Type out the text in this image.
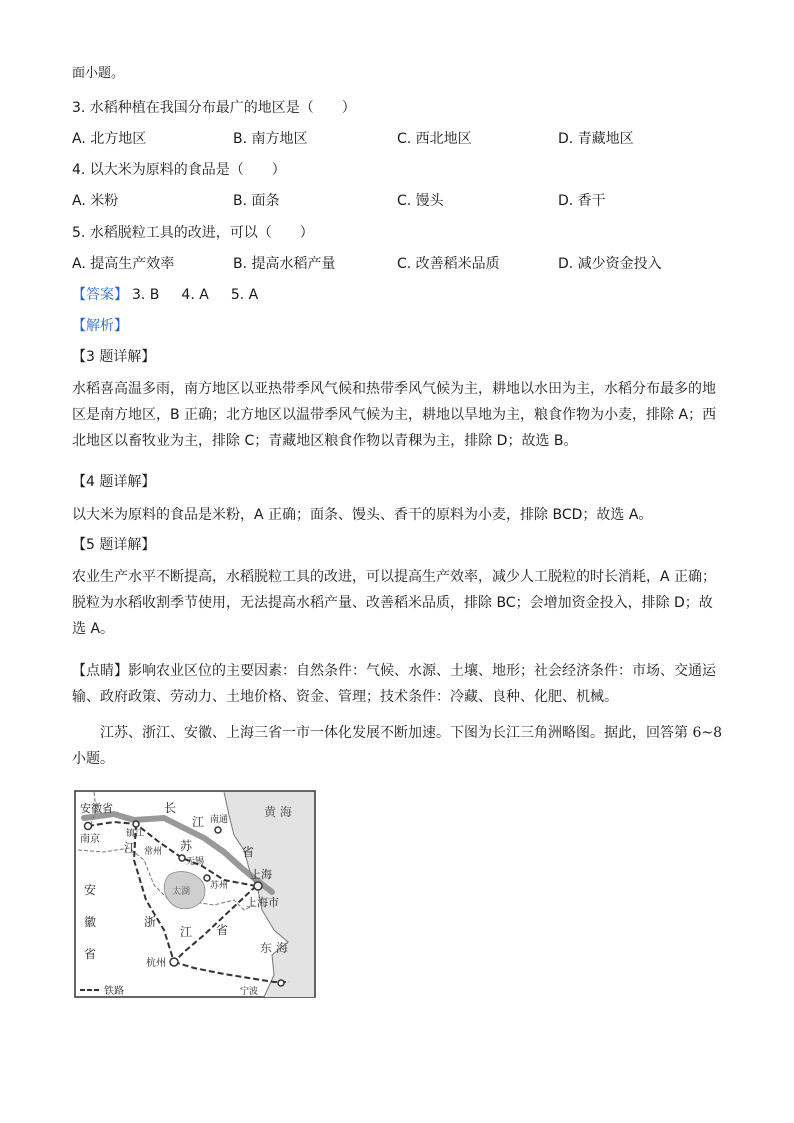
面小题。
3. 水稻种植在我国分布最广的地区是（　　）
A. 北方地区	B. 南方地区	C. 西北地区	D. 青藏地区
4. 以大米为原料的食品是（　　）
A. 米粉	B. 面条	C. 馒头	D. 香干
5. 水稻脱粒工具的改进，可以（　　）
A. 提高生产效率	B. 提高水稻产量	C. 改善稻米品质	D. 减少资金投入
【答案】 3. B 4. A 5. A
【解析】
【3 题详解】

水稻喜高温多雨，南方地区以亚热带季风气候和热带季风气候为主，耕地以水田为主，水稻分布最多的地

区是南方地区，B 正确；北方地区以温带季风气候为主，耕地以旱地为主，粮食作物为小麦，排除 A；西

北地区以畜牧业为主，排除 C；青藏地区粮食作物以青稞为主，排除 D；故选 B。

【4 题详解】

以大米为原料的食品是米粉，A 正确；面条、馒头、香干的原料为小麦，排除 BCD；故选 A。

【5 题详解】

农业生产水平不断提高，水稻脱粒工具的改进，可以提高生产效率，减少人工脱粒的时长消耗，A 正确；

脱粒为水稻收割季节使用，无法提高水稻产量、改善稻米品质，排除 BC；会增加资金投入，排除 D；故

选 A。

【点睛】影响农业区位的主要因素：自然条件：气候、水源、土壤、地形；社会经济条件：市场、交通运

输、政府政策、劳动力、土地价格、资金、管理；技术条件：冷藏、良种、化肥、机械。

江苏、浙江、安徽、上海三省一市一体化发展不断加速。下图为长江三角洲略图。据此，回答第 6~8

小题。

安徽省	长
江
黄 海
东 海
南京	镇江
江 常州
无锡
苏	省
南通
太湖
苏州
上海
上海市
安
徽
省
浙
江 省
杭州
宁波
铁路
